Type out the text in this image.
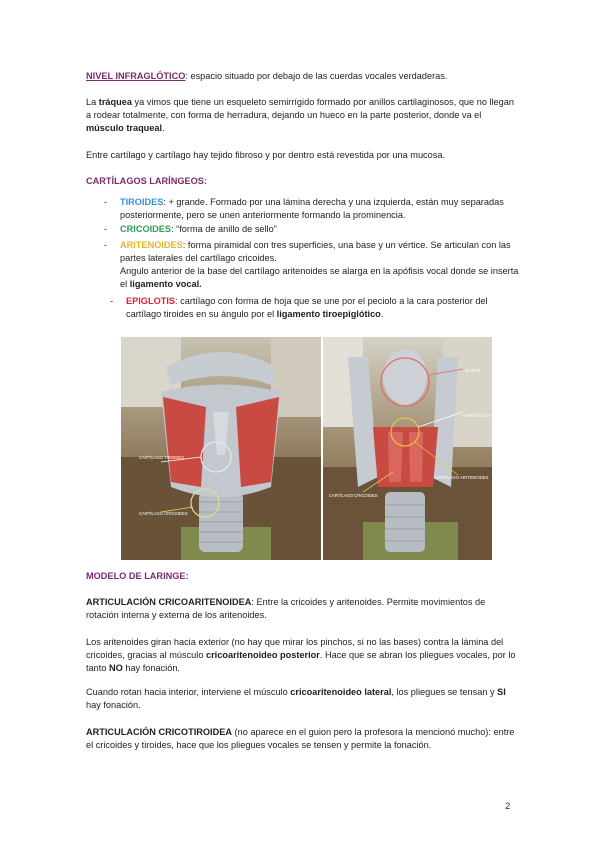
NIVEL INFRAGLÓTICO: espacio situado por debajo de las cuerdas vocales verdaderas.
La tráquea ya vimos que tiene un esqueleto semirrígido formado por anillos cartilaginosos, que no llegan a rodear totalmente, con forma de herradura, dejando un hueco en la parte posterior, donde va el músculo traqueal.
Entre cartílago y cartílago hay tejido fibroso y por dentro está revestida por una mucosa.
CARTÍLAGOS LARÍNGEOS:
- TIROIDES: + grande. Formado por una lámina derecha y una izquierda, están muy separadas posteriormente, pero se unen anteriormente formando la prominencia.
- CRICOIDES: “forma de anillo de sello”
- ARITENOIDES: forma piramidal con tres superficies, una base y un vértice. Se articulan con las partes laterales del cartílago cricoides.
Angulo anterior de la base del cartílago aritenoides se alarga en la apófisis vocal donde se inserta el ligamento vocal.
- EPIGLOTIS: cartílago con forma de hoja que se une por el peciolo a la cara posterior del cartílago tiroides en su ángulo por el ligamento tiroepiglótico.
CARTÍLAGO TIROIDES
CARTÍLAGO CRICOIDES
GLOTIS
CARTÍLAGO TIROIDES
CARTÍLAGO ARITENOIDES
CARTÍLAGO CRICOIDES
MODELO DE LARINGE:
ARTICULACIÓN CRICOARITENOIDEA: Entre la cricoides y aritenoides. Permite movimientos de rotación interna y externa de los aritenoides.
Los aritenoides giran hacia exterior (no hay que mirar los pinchos, si no las bases) contra la lámina del cricoides, gracias al músculo cricoaritenoideo posterior. Hace que se abran los pliegues vocales, por lo tanto NO hay fonación.
Cuando rotan hacia interior, interviene el músculo cricoaritenoideo lateral, los pliegues se tensan y SI hay fonación.
ARTICULACIÓN CRICOTIROIDEA (no aparece en el guion pero la profesora la mencionó mucho): entre el cricoides y tiroides, hace que los pliegues vocales se tensen y permite la fonación.
2
